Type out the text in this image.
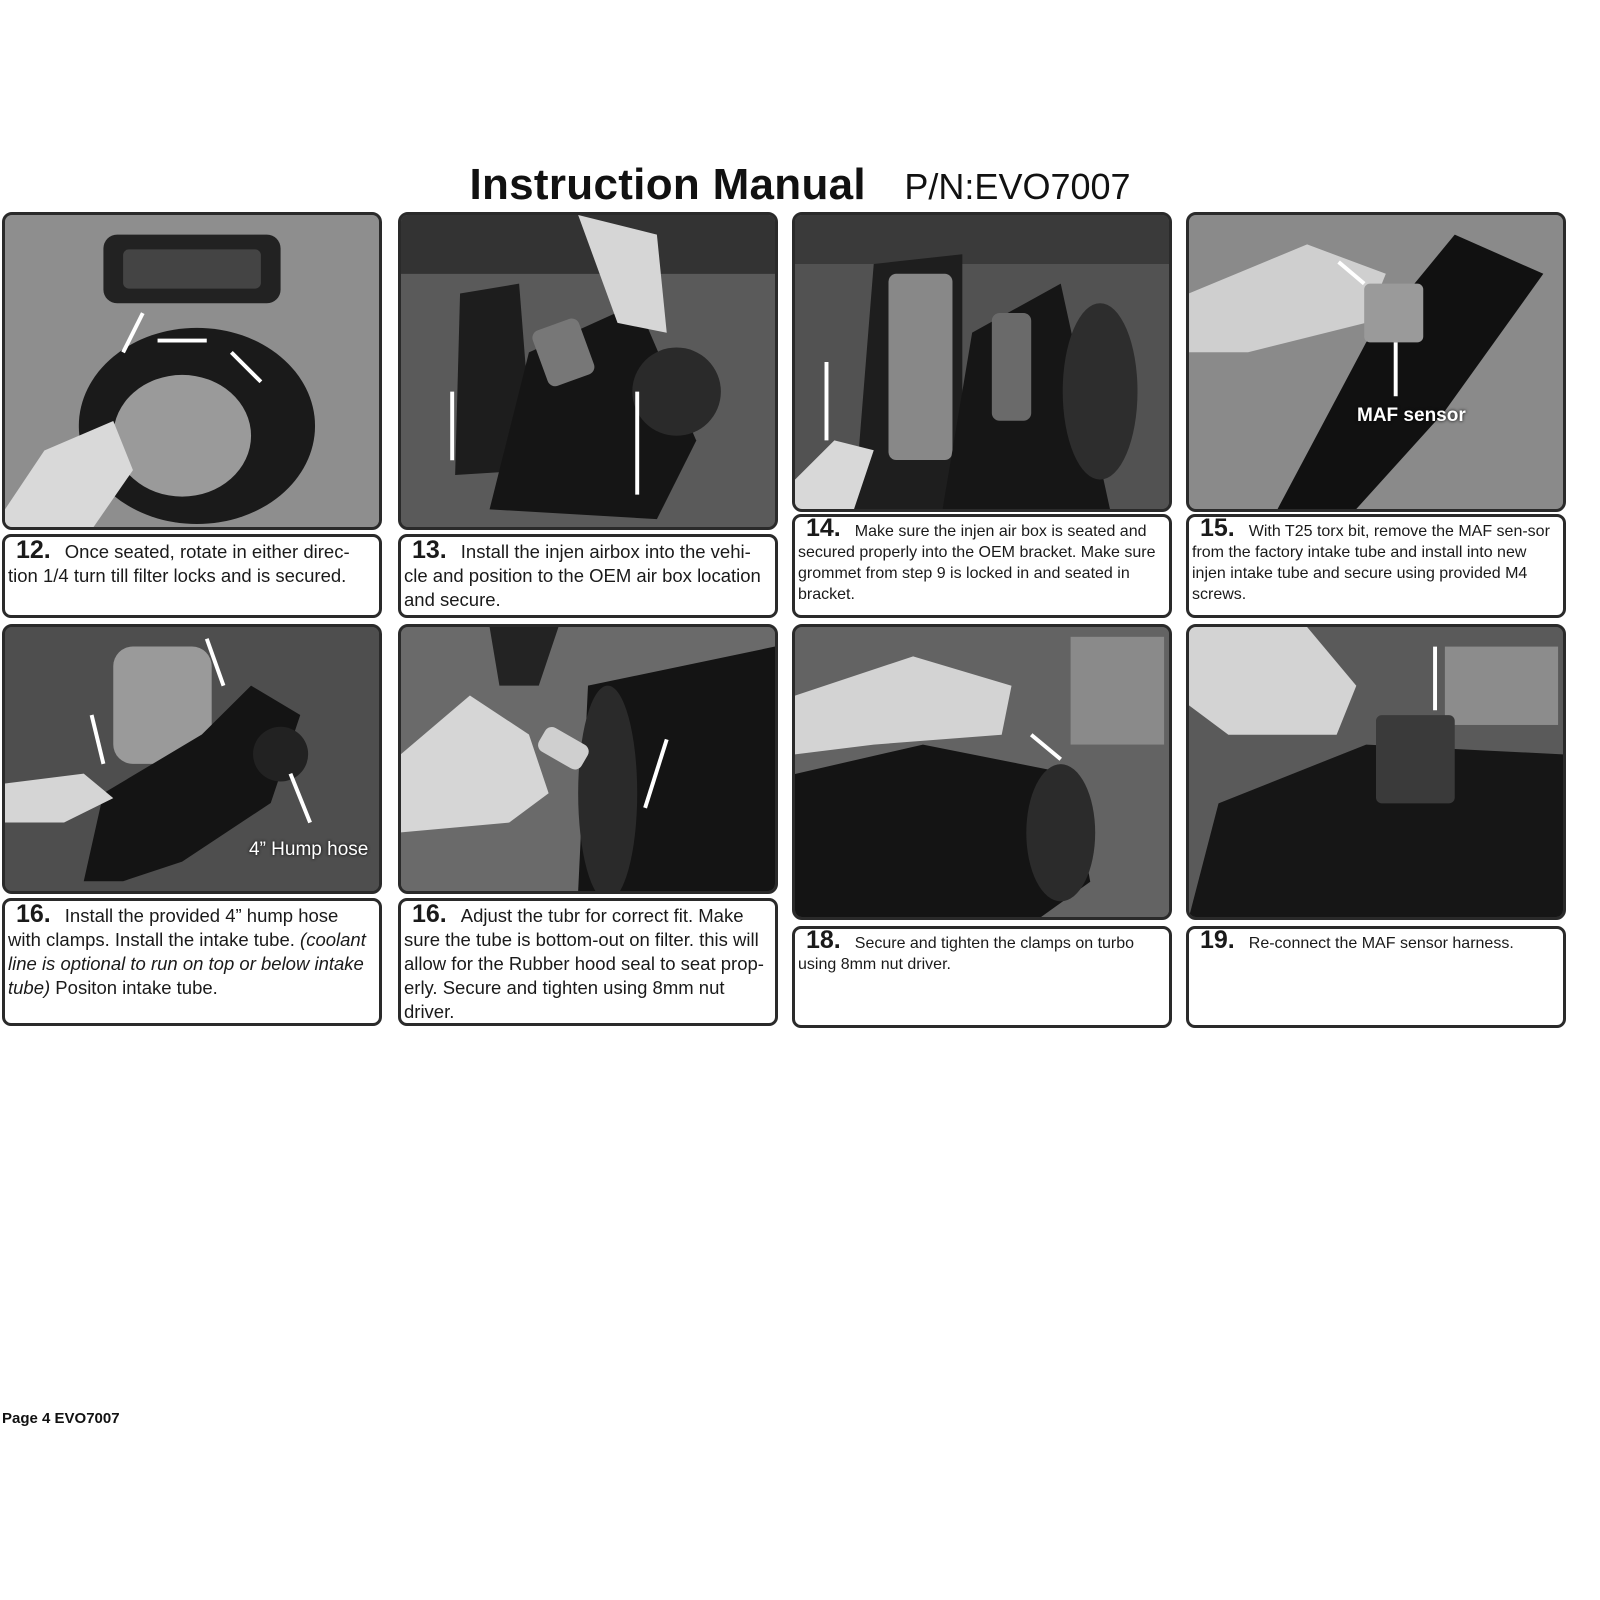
Instruction Manual P/N:EVO7007
MAF sensor
12. Once seated, rotate in either direc-tion 1/4 turn till filter locks and is secured.
13. Install the injen airbox into the vehi-cle and position to the OEM air box location and secure.
14. Make sure the injen air box is seated and secured properly into the OEM bracket. Make sure grommet from step 9 is locked in and seated in bracket.
15. With T25 torx bit, remove the MAF sen-sor from the factory intake tube and install into new injen intake tube and secure using provided M4 screws.
4” Hump hose
16. Install the provided 4” hump hose with clamps. Install the intake tube. (coolant line is optional to run on top or below intake tube) Positon intake tube.
16. Adjust the tubr for correct fit. Make sure the tube is bottom-out on filter. this will allow for the Rubber hood seal to seat prop-erly. Secure and tighten using 8mm nut driver.
18. Secure and tighten the clamps on turbo using 8mm nut driver.
19. Re-connect the MAF sensor harness.
Page 4 EVO7007
